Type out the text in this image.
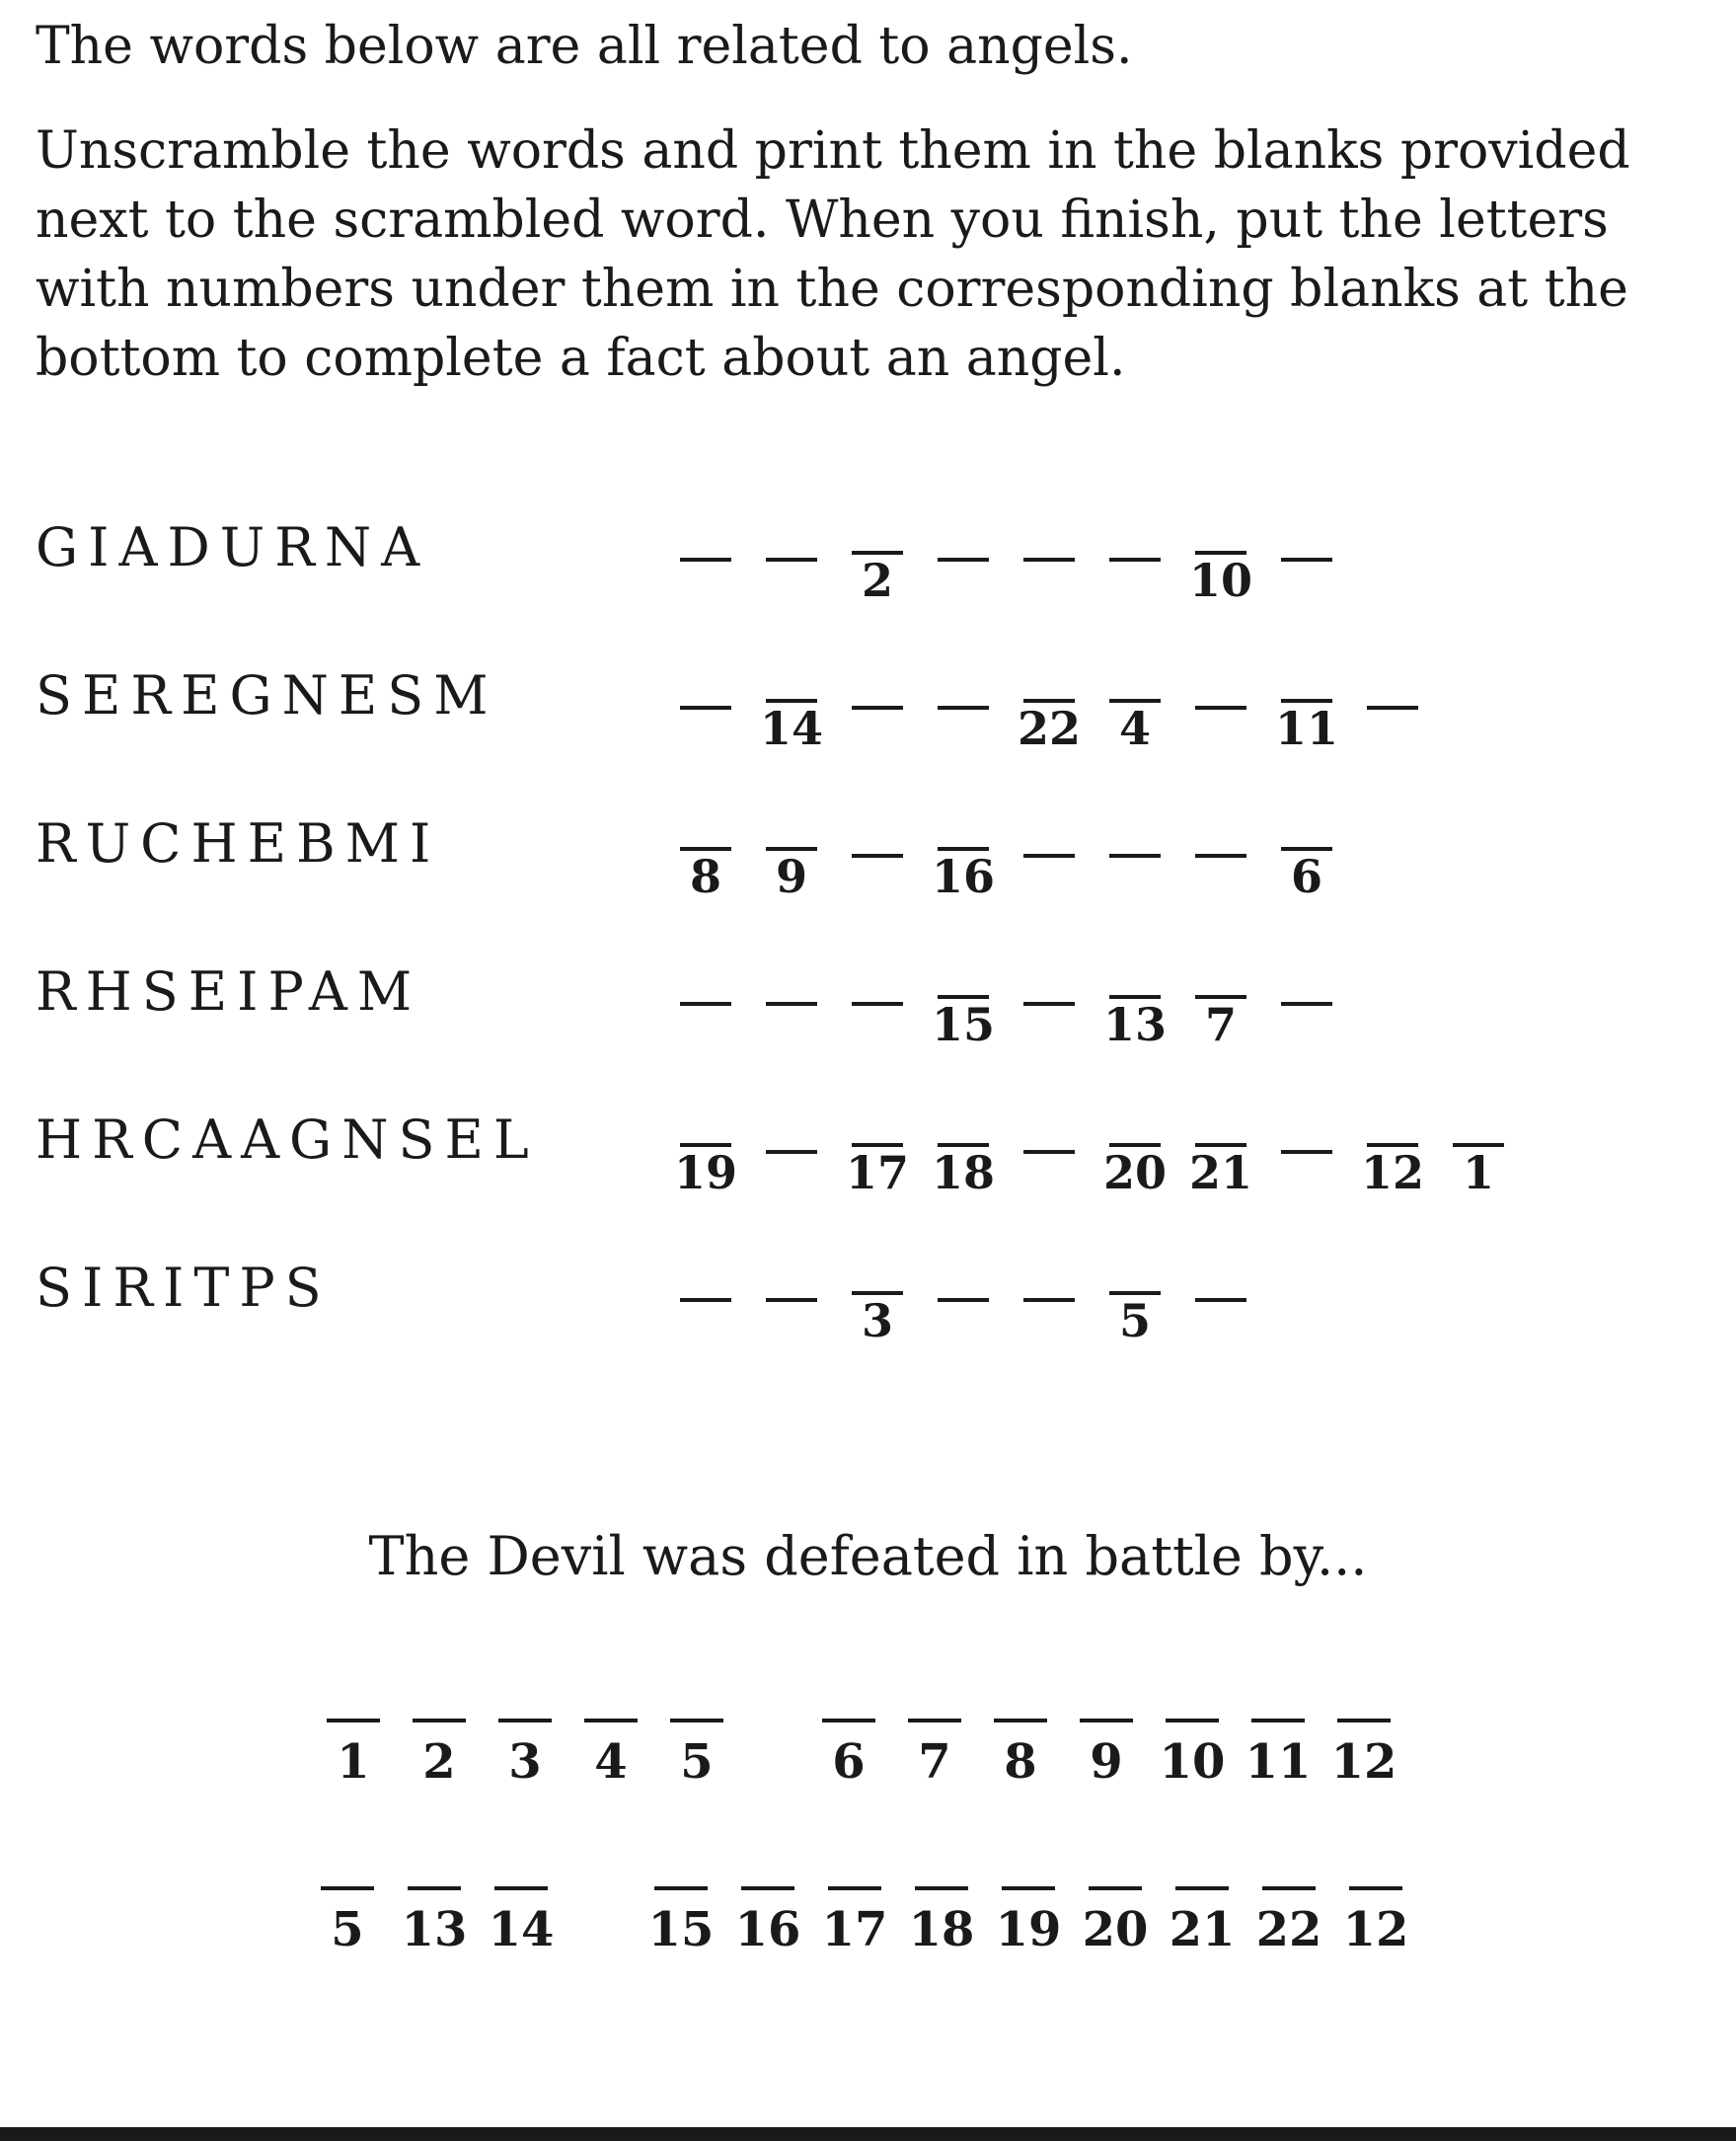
The words below are all related to angels.

Unscramble the words and print them in the blanks provided next to the scrambled word. When you finish, put the letters with numbers under them in the corresponding blanks at the bottom to complete a fact about an angel.

GIADURNA
2	10
SEREGNESM
14	22 4	11
RUCHEBMI
8	9	16	6
RHSEIPAM
15	13 7
HRCAAGNSEL
19	17 18	20 21	12 1
SIRITPS
3	5
The Devil was defeated in battle by...
1	2	3	4	5	6	7	8	9 10 11 12
5 13 14	15 16 17 18 19 20 21 22 12
